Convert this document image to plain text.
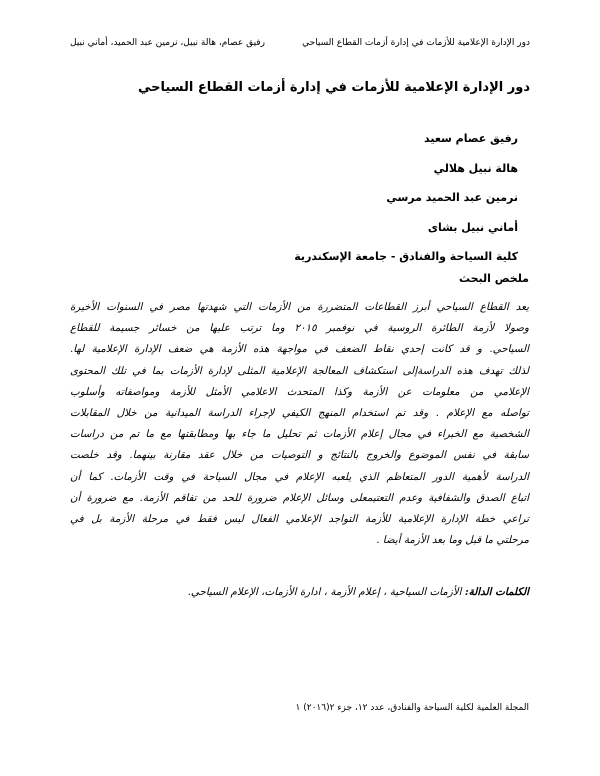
دور الإدارة الإعلامية للأزمات في إدارة أزمات القطاع السياحي
رفيق عصام، هالة نبيل، نرمين عبد الحميد، أماني نبيل
دور الإدارة الإعلامية للأزمات في إدارة أزمات القطاع السياحي
رفيق عصام سعيد
هالة نبيل هلالي
نرمين عبد الحميد مرسي
أماني نبيل بشاى
كلية السياحة والفنادق - جامعة الإسكندرية
ملخص البحث
يعد القطاع السياحي أبرز القطاعات المتضررة من الأزمات التي شهدتها مصر في السنوات الأخيرة
وصولا لأزمة الطائرة الروسية في نوفمبر ٢٠١٥ وما ترتب عليها من خسائر جسيمة للقطاع
السياحي. و قد كانت إحدي نقاط الضعف في مواجهة هذه الأزمة هي ضعف الإدارة الإعلامية لها.
لذلك تهدف هذه الدراسةإلى استكشاف المعالجة الإعلامية المثلى لإدارة الأزمات بما في تلك المحتوى
الإعلامي من معلومات عن الأزمة وكذا المتحدث الاعلامي الأمثل للأزمة ومواصفاته وأسلوب
تواصله مع الإعلام . وقد تم استخدام المنهج الكيفي لإجراء الدراسة الميدانية من خلال المقابلات
الشخصية مع الخبراء في مجال إعلام الأزمات ثم تحليل ما جاء بها ومطابقتها مع ما تم من دراسات
سابقة في نفس الموضوع والخروج بالنتائج و التوصيات من خلال عقد مقارنة بينهما. وقد خلصت
الدراسة لأهمية الدور المتعاظم الذي يلعبه الإعلام في مجال السياحة في وقت الأزمات. كما أن
اتباع الصدق والشفافية وعدم التعتيمعلى وسائل الإعلام ضرورة للحد من تفاقم الأزمة. مع ضرورة أن
تراعي خطة الإدارة الإعلامية للأزمة التواجد الإعلامي الفعال ليس فقط في مرحلة الأزمة بل في
مرحلتي ما قبل وما بعد الأزمة أيضا .
الكلمات الدالة: الأزمات السياحية ، إعلام الأزمة ، ادارة الأزمات، الإعلام السياحي.
المجلة العلمية لكلية السياحة والفنادق، عدد ١٢، جزء ٢(٢٠١٦) ١
